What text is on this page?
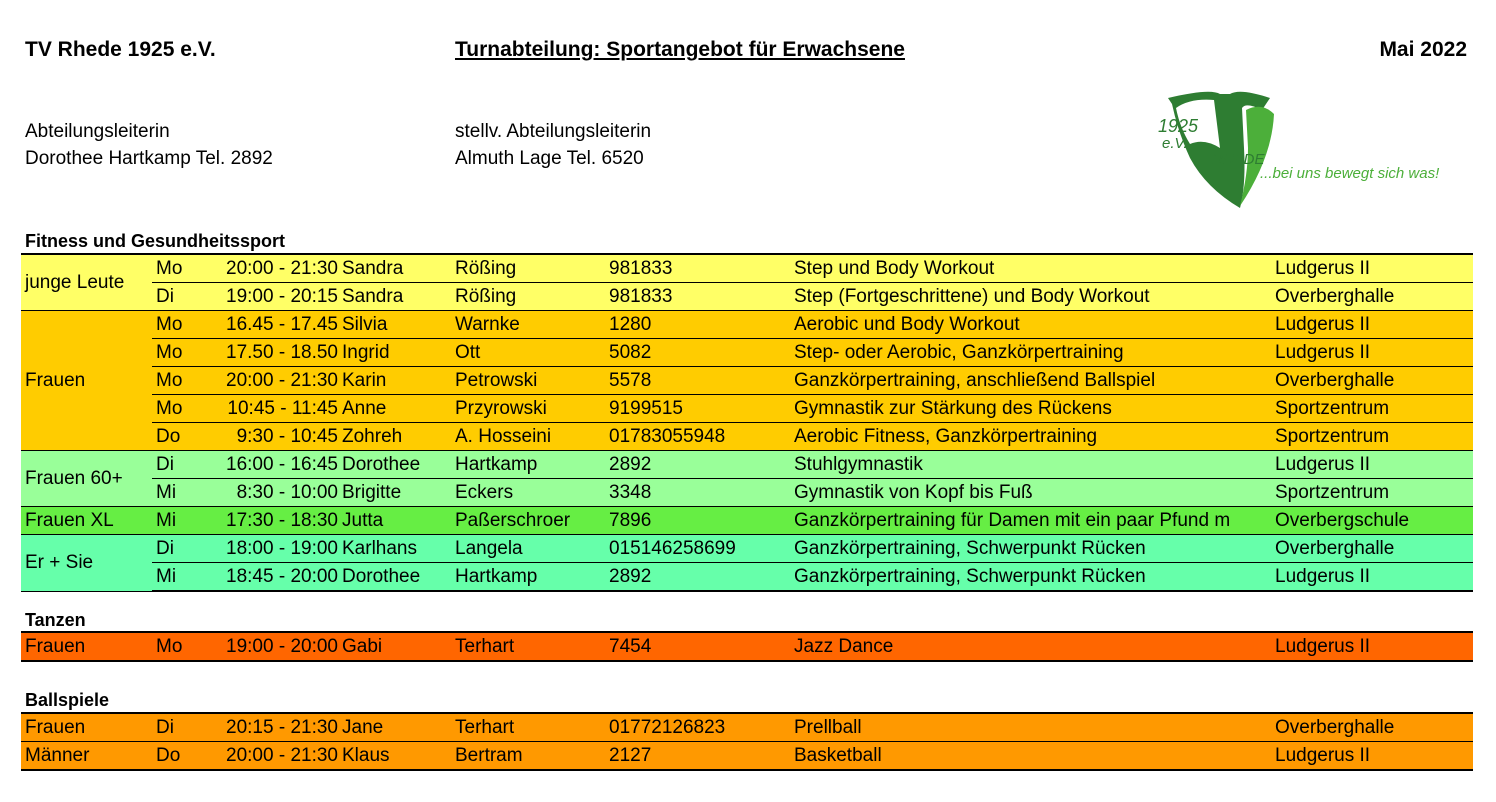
TV Rhede 1925 e.V.	Turnabteilung: Sportangebot für Erwachsene	Mai 2022
Abteilungsleiterin
Dorothee Hartkamp Tel. 2892
stellv. Abteilungsleiterin
Almuth Lage Tel. 6520
1925
e.V.
RHEDE
...bei uns bewegt sich was!
Fitness und Gesundheitssport
junge Leute	Mo	20:00 - 21:30	Sandra	Rößing	981833	Step und Body Workout	Ludgerus II
	Di	19:00 - 20:15	Sandra	Rößing	981833	Step (Fortgeschrittene) und Body Workout	Overberghalle
Frauen	Mo	16.45 - 17.45	Silvia	Warnke	1280	Aerobic und Body Workout	Ludgerus II
	Mo	17.50 - 18.50	Ingrid	Ott	5082	Step- oder Aerobic, Ganzkörpertraining	Ludgerus II
	Mo	20:00 - 21:30	Karin	Petrowski	5578	Ganzkörpertraining, anschließend Ballspiel	Overberghalle
	Mo	10:45 - 11:45	Anne	Przyrowski	9199515	Gymnastik zur Stärkung des Rückens	Sportzentrum
	Do	9:30 - 10:45	Zohreh	A. Hosseini	01783055948	Aerobic Fitness, Ganzkörpertraining	Sportzentrum
Frauen 60+	Di	16:00 - 16:45	Dorothee	Hartkamp	2892	Stuhlgymnastik	Ludgerus II
	Mi	8:30 - 10:00	Brigitte	Eckers	3348	Gymnastik von Kopf bis Fuß	Sportzentrum
Frauen XL	Mi	17:30 - 18:30	Jutta	Paßerschroer	7896	Ganzkörpertraining für Damen mit ein paar Pfund m	Overbergschule
Er + Sie	Di	18:00 - 19:00	Karlhans	Langela	015146258699	Ganzkörpertraining, Schwerpunkt Rücken	Overberghalle
	Mi	18:45 - 20:00	Dorothee	Hartkamp	2892	Ganzkörpertraining, Schwerpunkt Rücken	Ludgerus II
Tanzen
Frauen	Mo	19:00 - 20:00	Gabi	Terhart	7454	Jazz Dance	Ludgerus II
Ballspiele
Frauen	Di	20:15 - 21:30	Jane	Terhart	01772126823	Prellball	Overberghalle
Männer	Do	20:00 - 21:30	Klaus	Bertram	2127	Basketball	Ludgerus II
